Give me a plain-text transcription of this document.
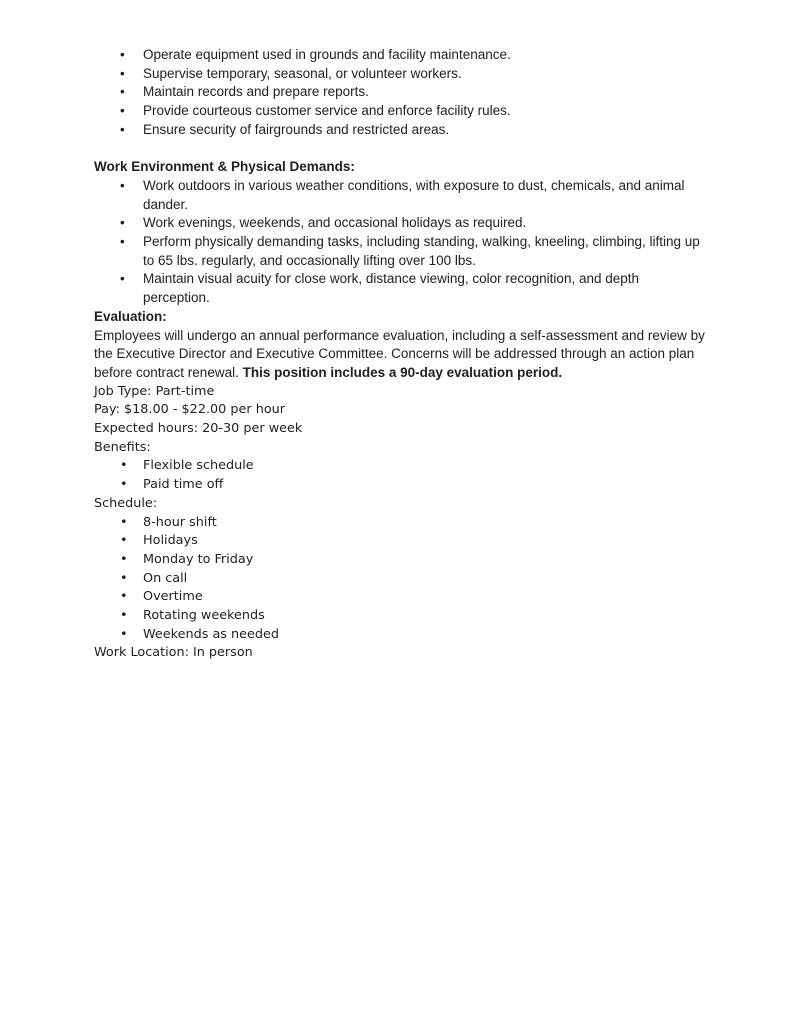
• Operate equipment used in grounds and facility maintenance.
• Supervise temporary, seasonal, or volunteer workers.
• Maintain records and prepare reports.
• Provide courteous customer service and enforce facility rules.
• Ensure security of fairgrounds and restricted areas.

Work Environment & Physical Demands:

• Work outdoors in various weather conditions, with exposure to dust, chemicals, and animal dander.
• Work evenings, weekends, and occasional holidays as required.
• Perform physically demanding tasks, including standing, walking, kneeling, climbing, lifting up to 65 lbs. regularly, and occasionally lifting over 100 lbs.
• Maintain visual acuity for close work, distance viewing, color recognition, and depth perception.

Evaluation:

Employees will undergo an annual performance evaluation, including a self-assessment and review by the Executive Director and Executive Committee. Concerns will be addressed through an action plan before contract renewal. This position includes a 90-day evaluation period.

Job Type: Part-time

Pay: $18.00 - $22.00 per hour

Expected hours: 20-30 per week

Benefits:

• Flexible schedule
• Paid time off

Schedule:

• 8-hour shift
• Holidays
• Monday to Friday
• On call
• Overtime
• Rotating weekends
• Weekends as needed

Work Location: In person
